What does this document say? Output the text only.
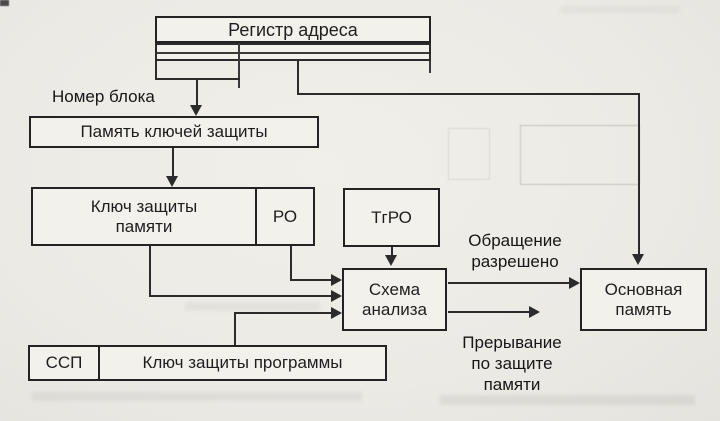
Регистр адреса
Номер блока
Память ключей защиты
Ключ защиты памяти
РО	ТгРО
Схема анализа
Основная память
ССП	Ключ защиты программы
Обращение разрешено
Прерывание по защите памяти
